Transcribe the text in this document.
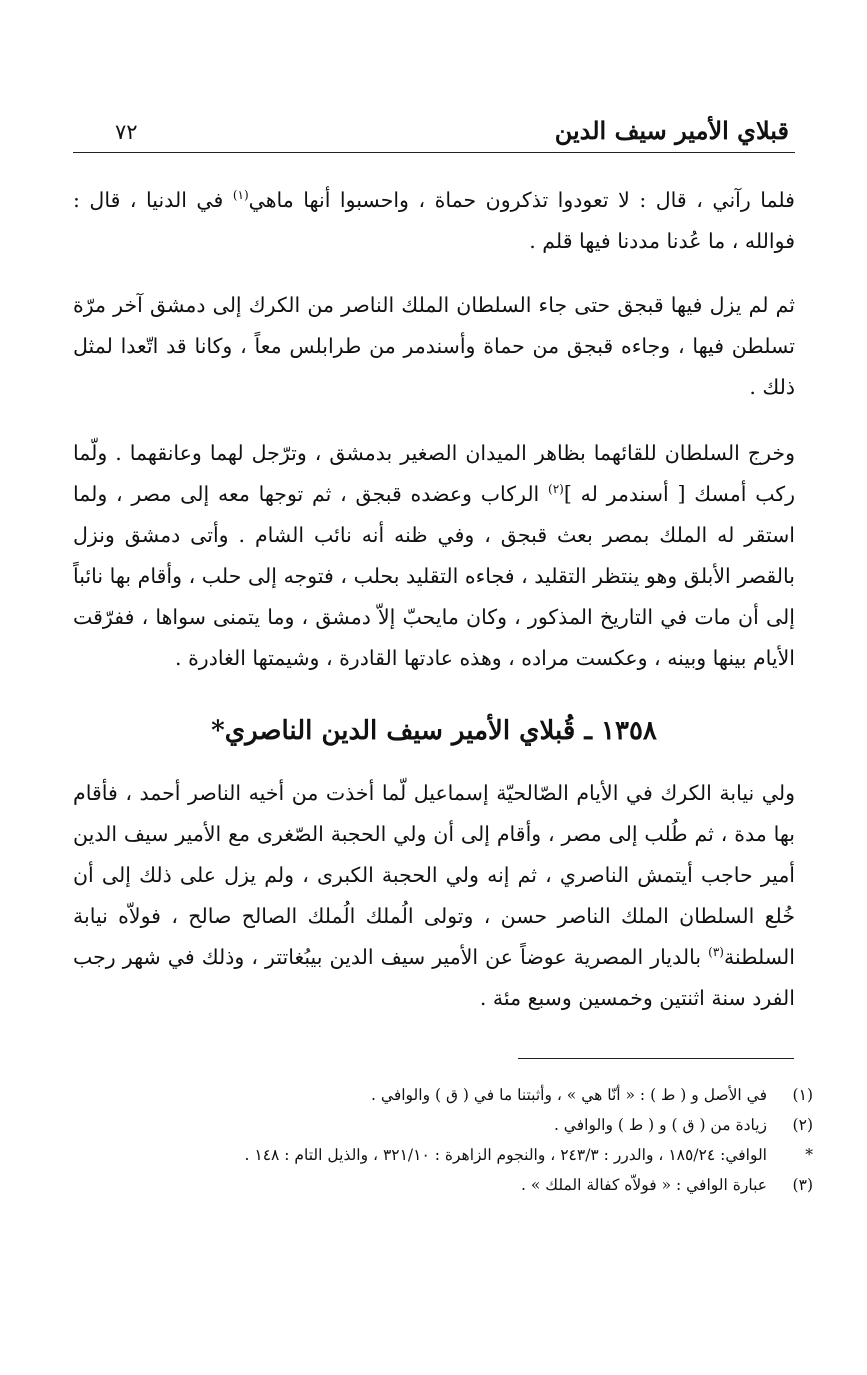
قبلاي الأمير سيف الدين
٧٢

فلما رآني ، قال : لا تعودوا تذكرون حماة ، واحسبوا أنها ماهي$^{(١)}$ في الدنيا ، قال : فوالله ، ما عُدنا مددنا فيها قلم .

ثم لم يزل فيها قبجق حتى جاء السلطان الملك الناصر من الكرك إلى دمشق آخر مرّة تسلطن فيها ، وجاءه قبجق من حماة وأسندمر من طرابلس معاً ، وكانا قد اتّعدا لمثل ذلك .

وخرج السلطان للقائهما بظاهر الميدان الصغير بدمشق ، وترّجل لهما وعانقهما . ولّما ركب أمسك [ أسندمر له ]$^{(٢)}$ الركاب وعضده قبجق ، ثم توجها معه إلى مصر ، ولما استقر له الملك بمصر بعث قبجق ، وفي ظنه أنه نائب الشام . وأتى دمشق ونزل بالقصر الأبلق وهو ينتظر التقليد ، فجاءه التقليد بحلب ، فتوجه إلى حلب ، وأقام بها نائباً إلى أن مات في التاريخ المذكور ، وكان مايحبّ إلاّ دمشق ، وما يتمنى سواها ، ففرّقت الأيام بينها وبينه ، وعكست مراده ، وهذه عادتها القادرة ، وشيمتها الغادرة .

١٣٥٨ ـ قُبلاي الأمير سيف الدين الناصري*

ولي نيابة الكرك في الأيام الصّالحيّة إسماعيل لّما أخذت من أخيه الناصر أحمد ، فأقام بها مدة ، ثم طُلب إلى مصر ، وأقام إلى أن ولي الحجبة الصّغرى مع الأمير سيف الدين أمير حاجب أيتمش الناصري ، ثم إنه ولي الحجبة الكبرى ، ولم يزل على ذلك إلى أن خُلع السلطان الملك الناصر حسن ، وتولى الُملك الُملك الصالح صالح ، فولاّه نيابة السلطنة$^{(٣)}$ بالديار المصرية عوضاً عن الأمير سيف الدين بيبُغاتتر ، وذلك في شهر رجب الفرد سنة اثنتين وخمسين وسبع مئة .

(١)
في الأصل و ( ط ) : « أنّا هي » ، وأثبتنا ما في ( ق ) والوافي .
(٢)
زيادة من ( ق ) و ( ط ) والوافي .
*
الوافي: ١٨٥/٢٤ ، والدرر : ٢٤٣/٣ ، والنجوم الزاهرة : ٣٢١/١٠ ، والذيل التام : ١٤٨ .
(٣)
عبارة الوافي : « فولاّه كفالة الملك » .
